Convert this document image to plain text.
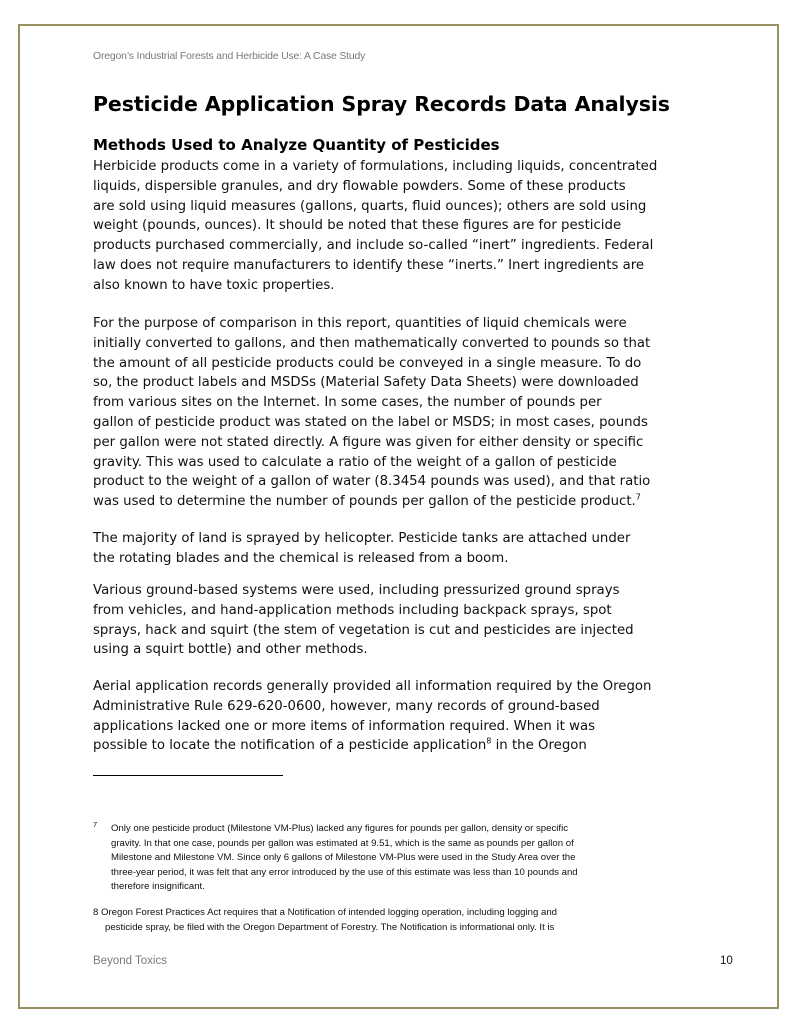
Oregon’s Industrial Forests and Herbicide Use: A Case Study
Pesticide Application Spray Records Data Analysis
Methods Used to Analyze Quantity of Pesticides

Herbicide products come in a variety of formulations, including liquids, concentrated
liquids, dispersible granules, and dry flowable powders. Some of these products
are sold using liquid measures (gallons, quarts, fluid ounces); others are sold using
weight (pounds, ounces). It should be noted that these figures are for pesticide
products purchased commercially, and include so-called “inert” ingredients. Federal
law does not require manufacturers to identify these “inerts.” Inert ingredients are
also known to have toxic properties.

For the purpose of comparison in this report, quantities of liquid chemicals were
initially converted to gallons, and then mathematically converted to pounds so that
the amount of all pesticide products could be conveyed in a single measure. To do
so, the product labels and MSDSs (Material Safety Data Sheets) were downloaded
from various sites on the Internet. In some cases, the number of pounds per
gallon of pesticide product was stated on the label or MSDS; in most cases, pounds
per gallon were not stated directly. A figure was given for either density or specific
gravity. This was used to calculate a ratio of the weight of a gallon of pesticide
product to the weight of a gallon of water (8.3454 pounds was used), and that ratio
was used to determine the number of pounds per gallon of the pesticide product.$^7$

The majority of land is sprayed by helicopter. Pesticide tanks are attached under
the rotating blades and the chemical is released from a boom.

Various ground-based systems were used, including pressurized ground sprays
from vehicles, and hand-application methods including backpack sprays, spot
sprays, hack and squirt (the stem of vegetation is cut and pesticides are injected
using a squirt bottle) and other methods.

Aerial application records generally provided all information required by the Oregon
Administrative Rule 629-620-0600, however, many records of ground-based
applications lacked one or more items of information required. When it was
possible to locate the notification of a pesticide application$^8$ in the Oregon

7 Only one pesticide product (Milestone VM-Plus) lacked any figures for pounds per gallon, density or specific
gravity. In that one case, pounds per gallon was estimated at 9.51, which is the same as pounds per gallon of
Milestone and Milestone VM. Since only 6 gallons of Milestone VM-Plus were used in the Study Area over the
three-year period, it was felt that any error introduced by the use of this estimate was less than 10 pounds and
therefore insignificant.
8 Oregon Forest Practices Act requires that a Notification of intended logging operation, including logging and
pesticide spray, be filed with the Oregon Department of Forestry. The Notification is informational only. It is
Beyond Toxics	10
